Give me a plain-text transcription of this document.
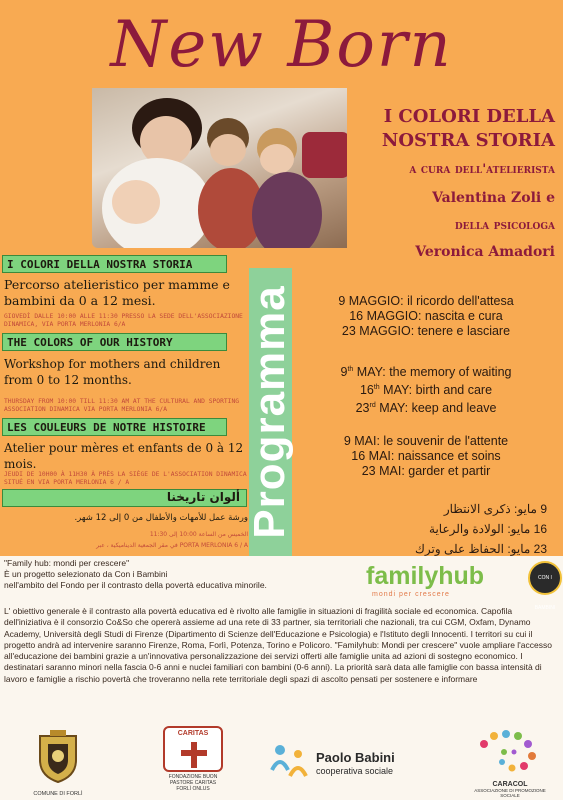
New Born
I COLORI DELLA
NOSTRA STORIA
a cura dell'atelierista
Valentina Zoli e
della psicologa
Veronica Amadori
I COLORI DELLA NOSTRA STORIA
Percorso atelieristico per mamme e bambini da 0 a 12 mesi.
GIOVEDÌ DALLE 10:00 ALLE 11:30 PRESSO LA SEDE DELL'ASSOCIAZIONE DINAMICA, VIA PORTA MERLONIA 6/A
THE COLORS OF OUR HISTORY
Workshop for mothers and children from 0 to 12 months.
THURSDAY FROM 10:00 TILL 11:30 AM AT THE CULTURAL AND SPORTING ASSOCIATION DINAMICA VIA PORTA MERLONIA 6/A
LES COULEURS DE NOTRE HISTOIRE
Atelier pour mères et enfants de 0 à 12 mois.
JEUDI DE 10H00 À 11H30 À PRÈS LA SIÈGE DE L'ASSOCIATION DINAMICA SITUÉ EN VIA PORTA MERLONIA 6 / A
ألوان تاريخنا
ورشة عمل للأمهات والأطفال من 0 إلى 12 شهر.
الخميس من الساعة 10:00 إلى 11:30
في مقر الجمعية الديناميكية ، عبر PORTA MERLONIA 6 / A
Programma	9 MAGGIO: il ricordo dell'attesa
16 MAGGIO: nascita e cura
23 MAGGIO: tenere e lasciare
9th MAY: the memory of waiting
16th MAY: birth and care
23rd MAY: keep and leave
9 MAI: le souvenir de l'attente
16 MAI: naissance et soins
23 MAI: garder et partir
9 مايو: ذكرى الانتظار
16 مايو: الولادة والرعاية
23 مايو: الحفاظ على وترك
"Family hub: mondi per crescere"
È un progetto selezionato da Con i Bambini
nell'ambito del Fondo per il contrasto della povertà educativa minorile.	familyhub
mondi per crescere
CON I BAMBINI
L' obiettivo generale è il contrasto alla povertà educativa ed è rivolto alle famiglie in situazioni di fragilità sociale ed economica. Capofila dell'iniziativa è il consorzio Co&So che opererà assieme ad una rete di 33 partner, sia territoriali che nazionali, tra cui CGM, Oxfam, Dynamo Academy, Università degli Studi di Firenze (Dipartimento di Scienze dell'Educazione e Psicologia) e l'Istituto degli Innocenti. I territori su cui il progetto andrà ad intervenire saranno Firenze, Roma, Forlì, Potenza, Torino e Policoro. "Familyhub: Mondi per crescere" vuole ampliare l'accesso all'educazione dei bambini grazie a un'innovativa personalizzazione dei servizi offerti alle famiglie unita ad azioni di sostegno economico. I destinatari saranno minori nella fascia 0-6 anni e nuclei familiari con bambini (0-6 anni). La priorità sarà data alle famiglie con bassa intensità di lavoro e famiglie a rischio povertà che troveranno nella rete territoriale degli spazi di ascolto pensati per sostenere e informare
COMUNE DI FORLÌ
CARITAS
FONDAZIONE BUON PASTORE CARITAS FORLÌ ONLUS
Paolo Babini
cooperativa sociale
CARACOL
ASSOCIAZIONE DI PROMOZIONE SOCIALE
